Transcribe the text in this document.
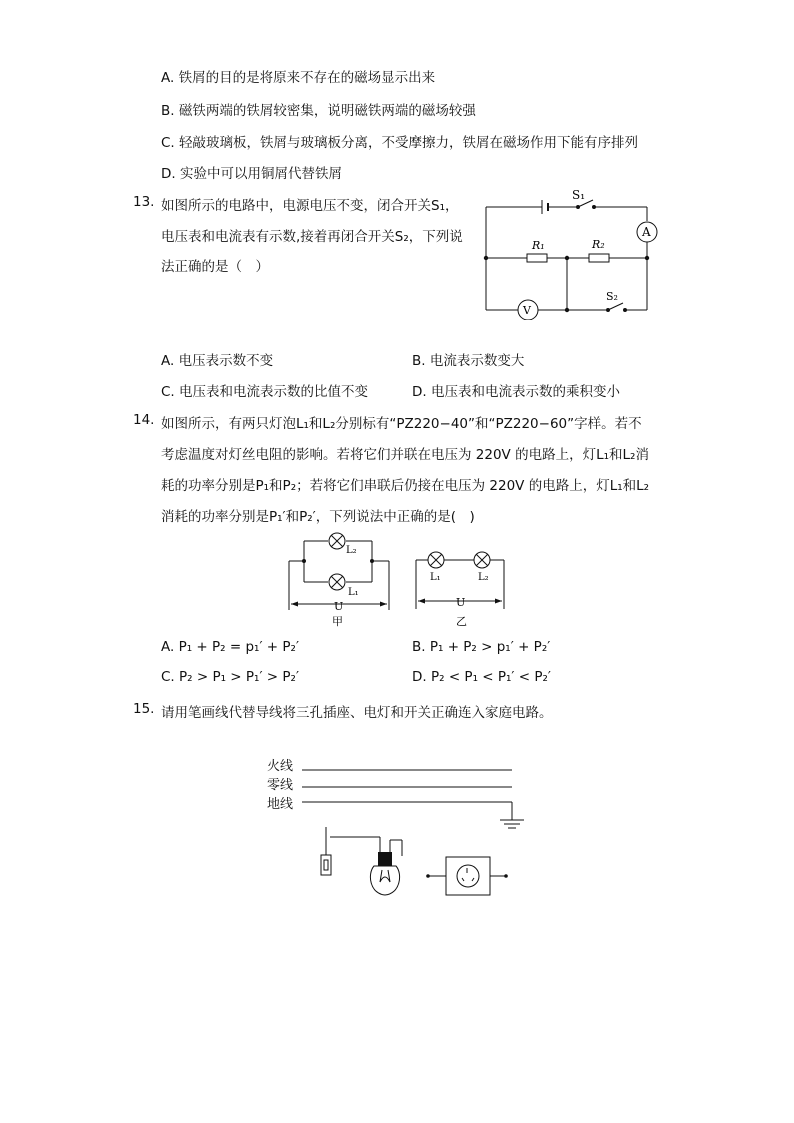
A. 铁屑的目的是将原来不存在的磁场显示出来
B. 磁铁两端的铁屑较密集，说明磁铁两端的磁场较强
C. 轻敲玻璃板，铁屑与玻璃板分离，不受摩擦力，铁屑在磁场作用下能有序排列
D. 实验中可以用铜屑代替铁屑
13. 如图所示的电路中，电源电压不变，闭合开关S₁，
电压表和电流表有示数,接着再闭合开关S₂，下列说
法正确的是（　）
S₁
R₁	R₂
A
V
S₂
A. 电压表示数不变	B. 电流表示数变大
C. 电压表和电流表示数的比值不变	D. 电压表和电流表示数的乘积变小
14. 如图所示，有两只灯泡L₁和L₂分别标有“PZ220−40”和“PZ220−60”字样。若不
考虑温度对灯丝电阻的影响。若将它们并联在电压为 220V 的电路上，灯L₁和L₂消
耗的功率分别是P₁和P₂；若将它们串联后仍接在电压为 220V 的电路上，灯L₁和L₂
消耗的功率分别是P₁′和P₂′，下列说法中正确的是(　)
L₂
L₁
U
甲
L₁	L₂
U
乙
A. P₁ + P₂ = p₁′ + P₂′	B. P₁ + P₂ > p₁′ + P₂′
C. P₂ > P₁ > P₁′ > P₂′	D. P₂ < P₁ < P₁′ < P₂′
15. 请用笔画线代替导线将三孔插座、电灯和开关正确连入家庭电路。
火线
零线
地线
